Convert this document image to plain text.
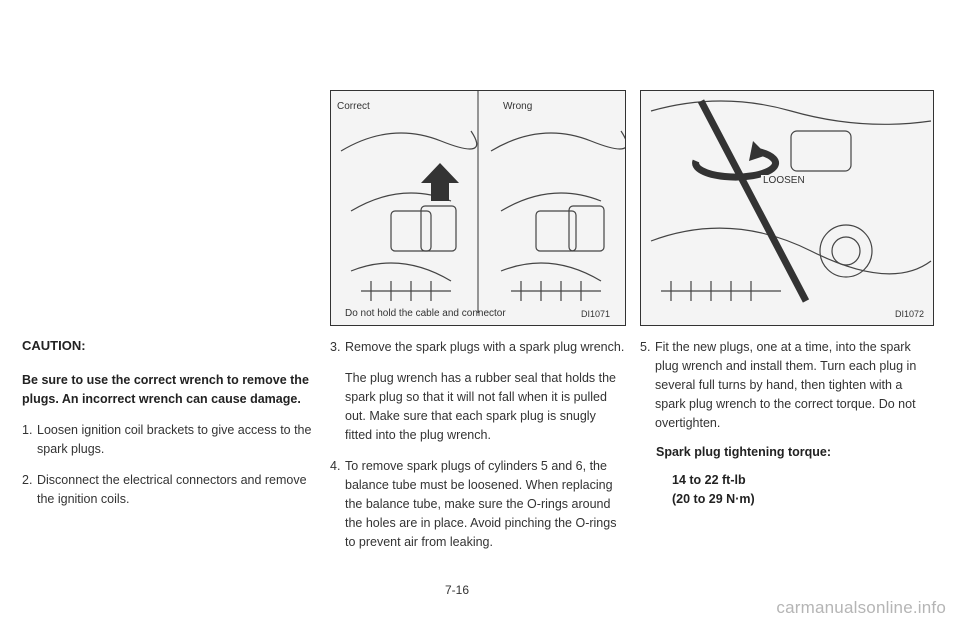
Correct	Wrong
Do not hold the cable and connector	DI1071
LOOSEN
DI1072
CAUTION:
Be sure to use the correct wrench to remove the plugs. An incorrect wrench can cause damage.
1. Loosen ignition coil brackets to give access to the spark plugs.
2. Disconnect the electrical connectors and remove the ignition coils.
3. Remove the spark plugs with a spark plug wrench.

The plug wrench has a rubber seal that holds the spark plug so that it will not fall when it is pulled out. Make sure that each spark plug is snugly fitted into the plug wrench.

4. To remove spark plugs of cylinders 5 and 6, the balance tube must be loosened. When replacing the balance tube, make sure the O-rings around the holes are in place. Avoid pinching the O-rings to prevent air from leaking.
5. Fit the new plugs, one at a time, into the spark plug wrench and install them. Turn each plug in several full turns by hand, then tighten with a spark plug wrench to the correct torque. Do not overtighten.
Spark plug tightening torque:
14 to 22 ft-lb
(20 to 29 N·m)
7-16
carmanualsonline.info
